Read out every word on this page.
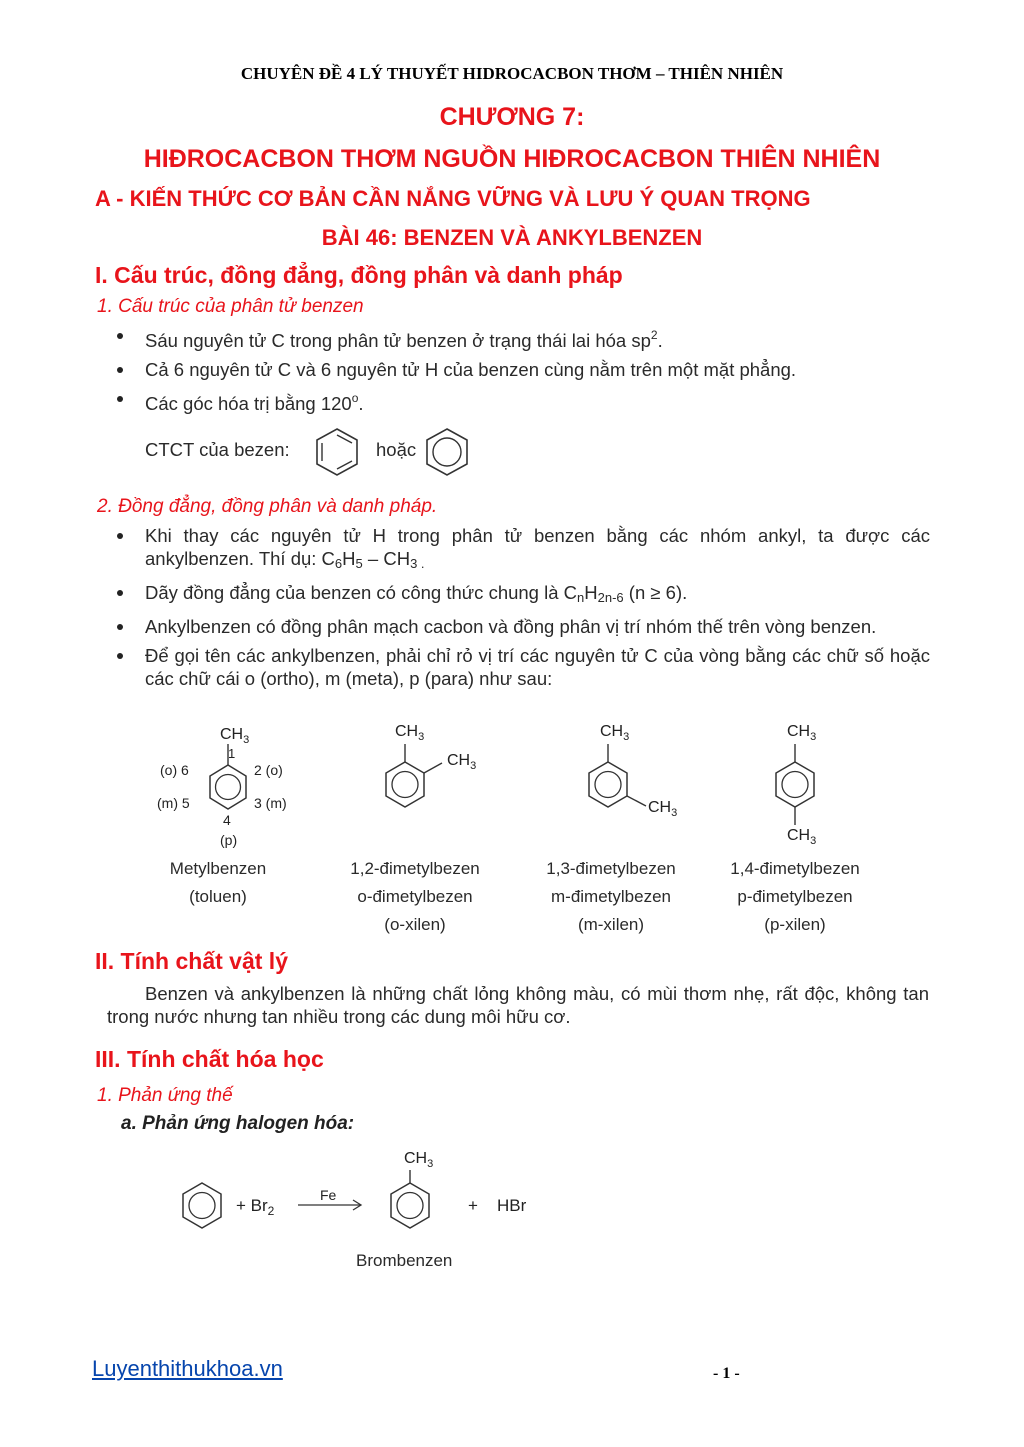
CHUYÊN ĐỀ 4 LÝ THUYẾT HIDROCACBON THƠM – THIÊN NHIÊN
CHƯƠNG 7:
HIĐROCACBON THƠM NGUỒN HIĐROCACBON THIÊN NHIÊN
A - KIẾN THỨC CƠ BẢN CẦN NẮNG VỮNG VÀ LƯU Ý QUAN TRỌNG
BÀI 46: BENZEN VÀ ANKYLBENZEN
I. Cấu trúc, đồng đẳng, đồng phân và danh pháp
1. Cấu trúc của phân tử benzen
Sáu nguyên tử C trong phân tử benzen ở trạng thái lai hóa $sp^2$.
Cả 6 nguyên tử C và 6 nguyên tử H của benzen cùng nằm trên một mặt phẳng.
Các góc hóa trị bằng 120$^o$.
CTCT của bezen:	hoặc
2. Đồng đẳng, đồng phân và danh pháp.
Khi thay các nguyên tử H trong phân tử benzen bằng các nhóm ankyl, ta được các ankylbenzen. Thí dụ: C6H5 – CH3 .
Dãy đồng đẳng của benzen có công thức chung là CnH2n-6 (n ≥ 6).
Ankylbenzen có đồng phân mạch cacbon và đồng phân vị trí nhóm thế trên vòng benzen.
Để gọi tên các ankylbenzen, phải chỉ rỏ vị trí các nguyên tử C của vòng bằng các chữ số hoặc các chữ cái o (ortho), m (meta), p (para) như sau:
$CH_3$
1
(o) 6	2 (o)
(m) 5	3 (m)
4
(p)
$CH_3$
$CH_3$
$CH_3$
$CH_3$
$CH_3$
$CH_3$
Metylbenzen
(toluen)
1,2-đimetylbezen
o-đimetylbezen
(o-xilen)
1,3-đimetylbezen
m-đimetylbezen
(m-xilen)
1,4-đimetylbezen
p-đimetylbezen
(p-xilen)
II. Tính chất vật lý
Benzen và ankylbenzen là những chất lỏng không màu, có mùi thơm nhẹ, rất độc, không tan trong nước nhưng tan nhiều trong các dung môi hữu cơ.
III. Tính chất hóa học
1. Phản ứng thế
a. Phản ứng halogen hóa:
+ $Br_2$
Fe
$CH_3$
+ HBr
Brombenzen
Luyenthithukhoa.vn	- 1 -
